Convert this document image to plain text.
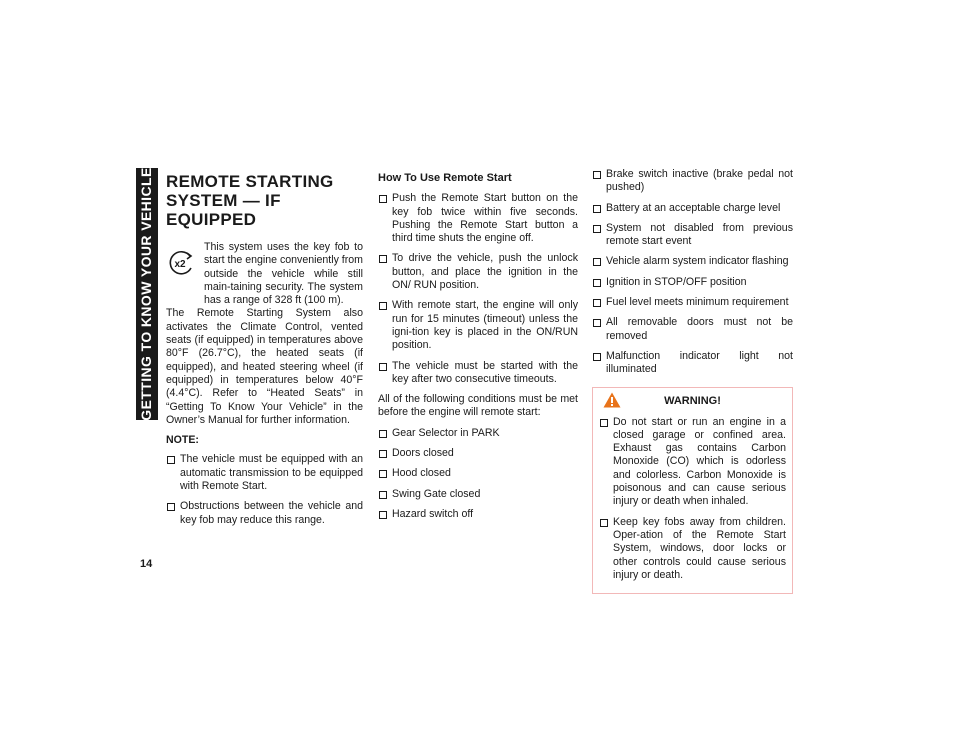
GETTING TO KNOW YOUR VEHICLE
14
REMOTE STARTING SYSTEM — IF EQUIPPED

x2
This system uses the key fob to start the engine conveniently from outside the vehicle while still main-taining security. The system has a range of 328 ft (100 m).

The Remote Starting System also activates the Climate Control, vented seats (if equipped) in temperatures above 80°F (26.7°C), the heated seats (if equipped), and heated steering wheel (if equipped) in temperatures below 40°F (4.4°C). Refer to “Heated Seats” in “Getting To Know Your Vehicle” in the Owner’s Manual for further information.

NOTE:
The vehicle must be equipped with an automatic transmission to be equipped with Remote Start.
Obstructions between the vehicle and key fob may reduce this range.
How To Use Remote Start
Push the Remote Start button on the key fob twice within five seconds. Pushing the Remote Start button a third time shuts the engine off.
To drive the vehicle, push the unlock button, and place the ignition in the ON/ RUN position.
With remote start, the engine will only run for 15 minutes (timeout) unless the igni-tion key is placed in the ON/RUN position.
The vehicle must be started with the key after two consecutive timeouts.

All of the following conditions must be met before the engine will remote start:

Gear Selector in PARK
Doors closed
Hood closed
Swing Gate closed
Hazard switch off
Brake switch inactive (brake pedal not pushed)
Battery at an acceptable charge level
System not disabled from previous remote start event
Vehicle alarm system indicator flashing
Ignition in STOP/OFF position
Fuel level meets minimum requirement
All removable doors must not be removed
Malfunction indicator light not illuminated
WARNING!
Do not start or run an engine in a closed garage or confined area. Exhaust gas contains Carbon Monoxide (CO) which is odorless and colorless. Carbon Monoxide is poisonous and can cause serious injury or death when inhaled.
Keep key fobs away from children. Oper-ation of the Remote Start System, windows, door locks or other controls could cause serious injury or death.
